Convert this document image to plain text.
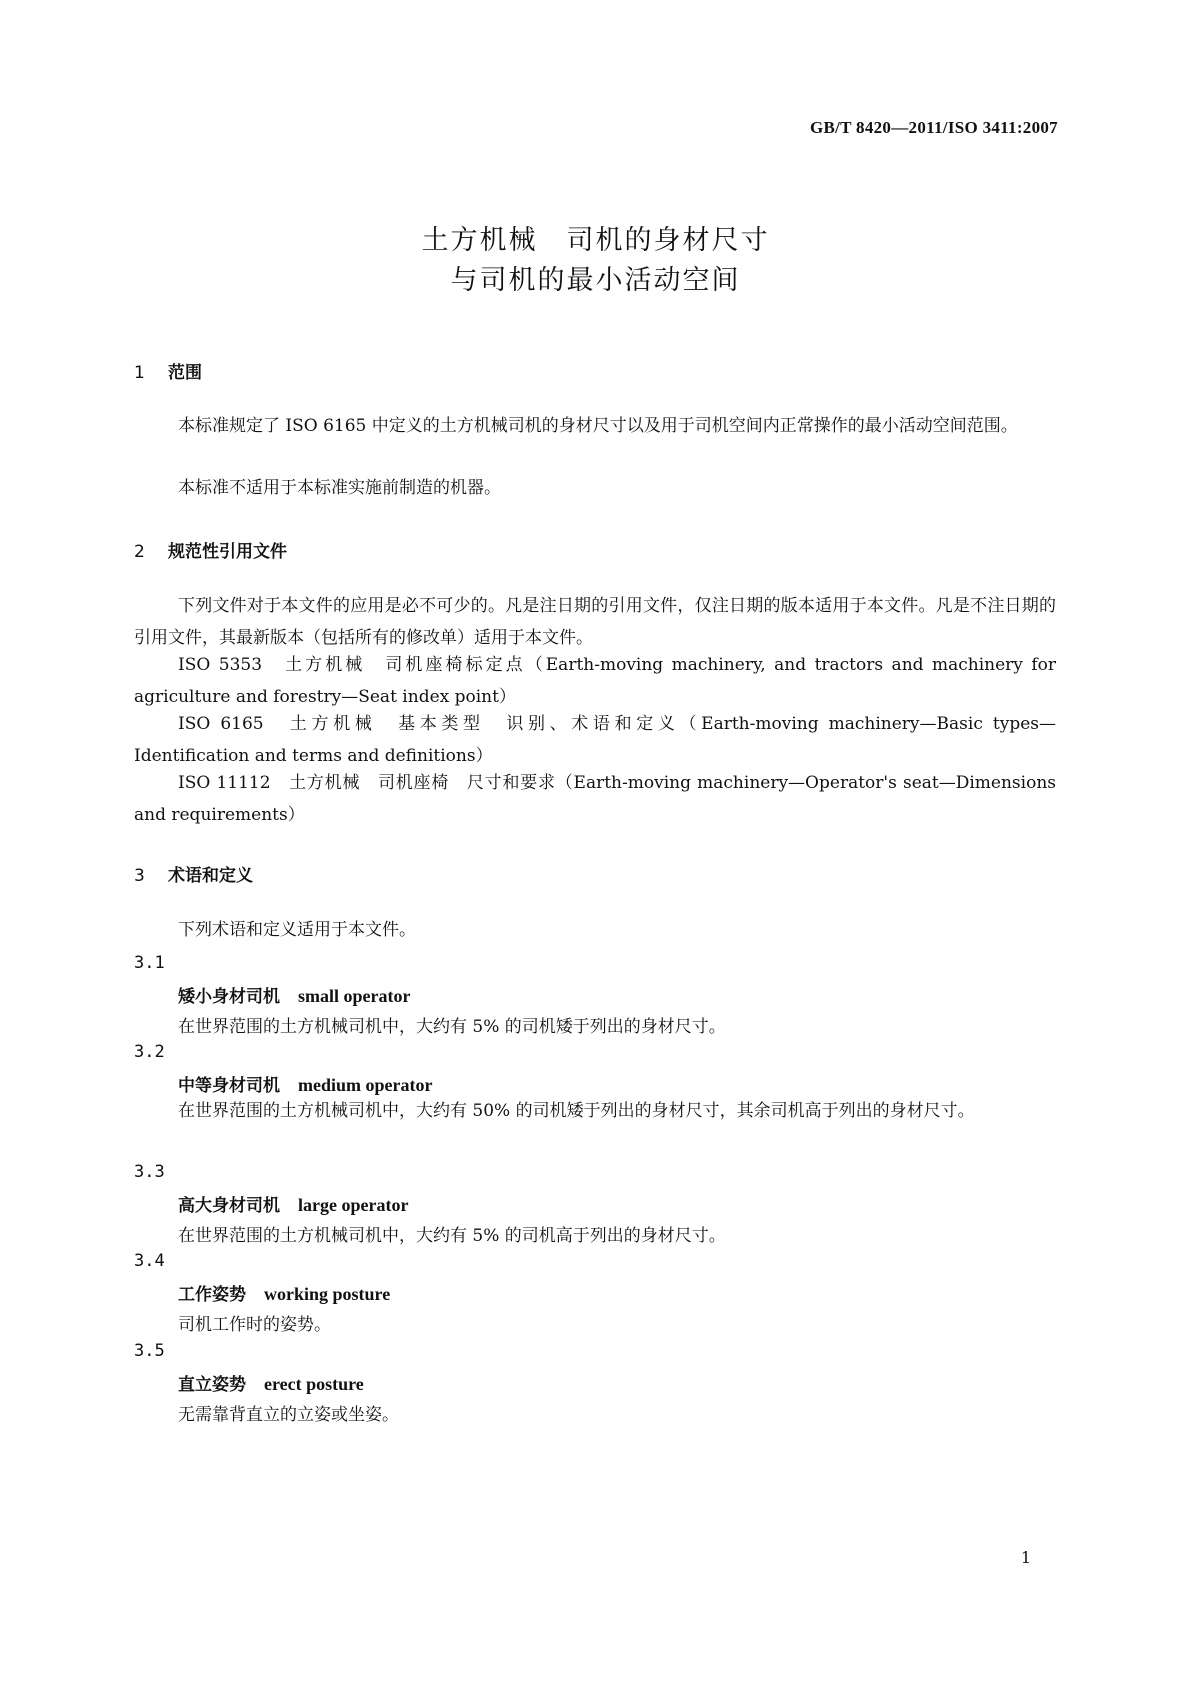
GB/T 8420—2011/ISO 3411:2007
土方机械　司机的身材尺寸
与司机的最小活动空间
1 范围
本标准规定了 ISO 6165 中定义的土方机械司机的身材尺寸以及用于司机空间内正常操作的最小活动空间范围。
本标准不适用于本标准实施前制造的机器。
2 规范性引用文件
下列文件对于本文件的应用是必不可少的。凡是注日期的引用文件，仅注日期的版本适用于本文件。凡是不注日期的引用文件，其最新版本（包括所有的修改单）适用于本文件。
ISO 5353　土方机械　司机座椅标定点（Earth-moving machinery, and tractors and machinery for agriculture and forestry—Seat index point）
ISO 6165　土方机械　基本类型　识别、术语和定义（Earth-moving machinery—Basic types—Identification and terms and definitions）
ISO 11112　土方机械　司机座椅　尺寸和要求（Earth-moving machinery—Operator's seat—Dimensions and requirements）
3 术语和定义
下列术语和定义适用于本文件。
3.1
矮小身材司机 small operator
在世界范围的土方机械司机中，大约有 5% 的司机矮于列出的身材尺寸。
3.2
中等身材司机 medium operator
在世界范围的土方机械司机中，大约有 50% 的司机矮于列出的身材尺寸，其余司机高于列出的身材尺寸。
3.3
高大身材司机 large operator
在世界范围的土方机械司机中，大约有 5% 的司机高于列出的身材尺寸。
3.4
工作姿势 working posture
司机工作时的姿势。
3.5
直立姿势 erect posture
无需靠背直立的立姿或坐姿。
1
